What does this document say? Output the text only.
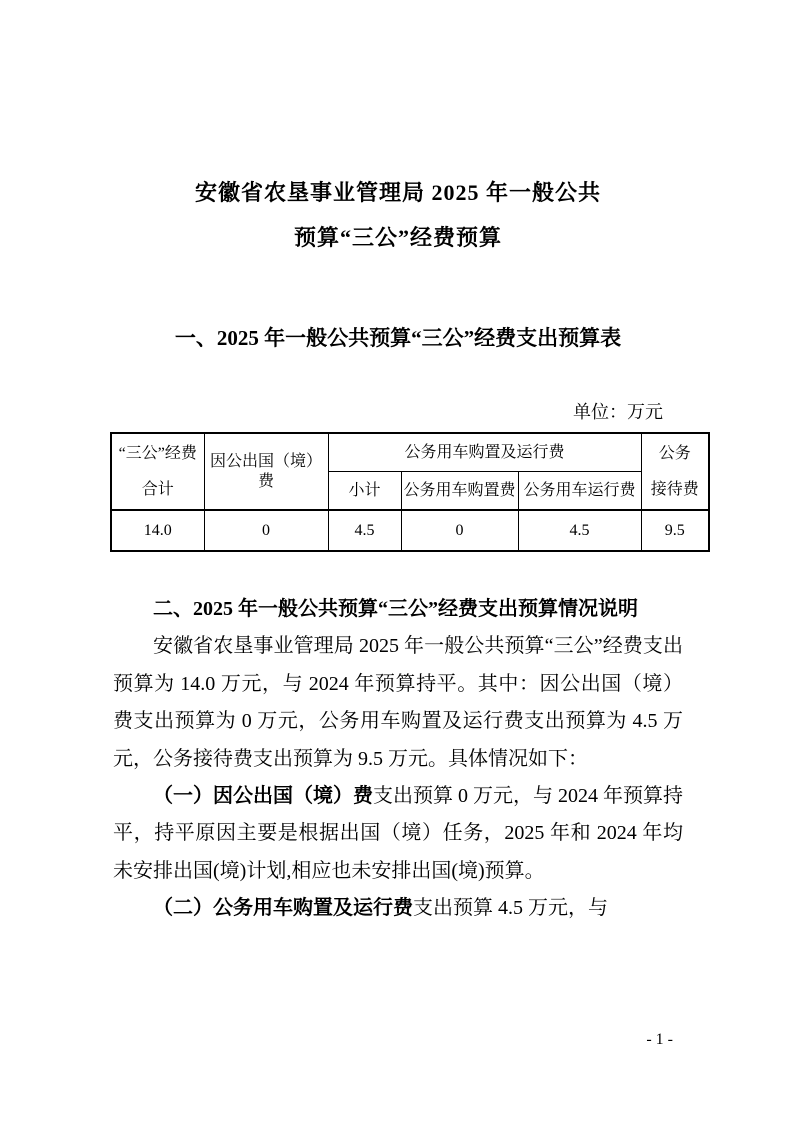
安徽省农垦事业管理局 2025 年一般公共
预算“三公”经费预算
一、2025 年一般公共预算“三公”经费支出预算表
单位：万元
“三公”经费
合计
	因公出国（境）费	公务用车购置及运行费	公务
接待费

		小计	公务用车购置费	公务用车运行费	
14.0	0	4.5	0	4.5	9.5

二、2025 年一般公共预算“三公”经费支出预算情况说明

安徽省农垦事业管理局 2025 年一般公共预算“三公”经费支出预算为 14.0 万元，与 2024 年预算持平。其中：因公出国（境）费支出预算为 0 万元，公务用车购置及运行费支出预算为 4.5 万元，公务接待费支出预算为 9.5 万元。具体情况如下：

（一）因公出国（境）费支出预算 0 万元，与 2024 年预算持平，持平原因主要是根据出国（境）任务，2025 年和 2024 年均未安排出国(境)计划,相应也未安排出国(境)预算。

（二）公务用车购置及运行费支出预算 4.5 万元，与

- 1 -
